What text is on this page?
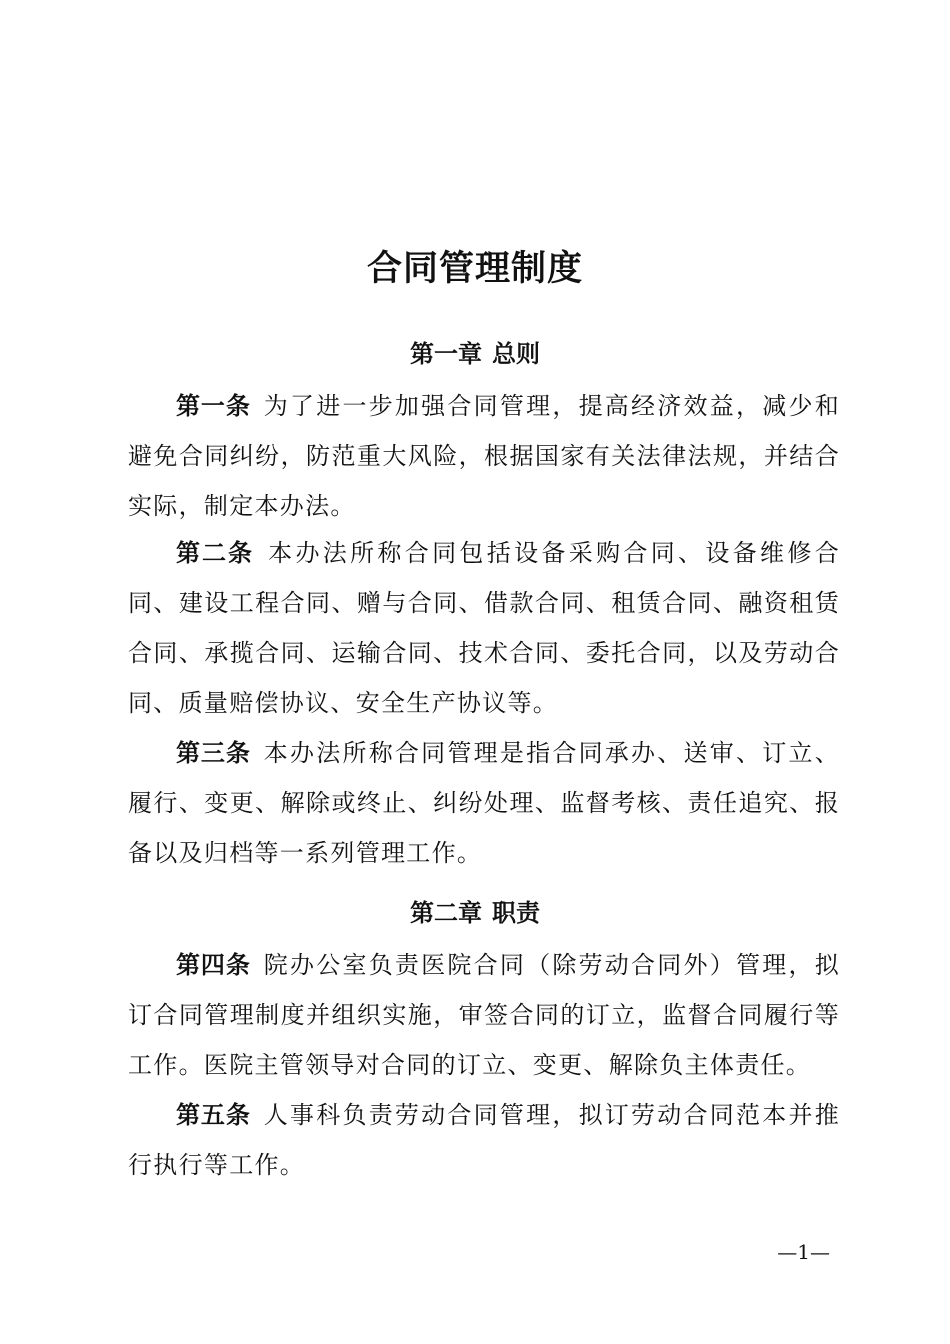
合同管理制度
第一章 总则

第一条 为了进一步加强合同管理，提高经济效益，减少和避免合同纠纷，防范重大风险，根据国家有关法律法规，并结合实际，制定本办法。

第二条 本办法所称合同包括设备采购合同、设备维修合同、建设工程合同、赠与合同、借款合同、租赁合同、融资租赁合同、承揽合同、运输合同、技术合同、委托合同，以及劳动合同、质量赔偿协议、安全生产协议等。

第三条 本办法所称合同管理是指合同承办、送审、订立、履行、变更、解除或终止、纠纷处理、监督考核、责任追究、报备以及归档等一系列管理工作。

第二章 职责

第四条 院办公室负责医院合同（除劳动合同外）管理，拟订合同管理制度并组织实施，审签合同的订立，监督合同履行等工作。医院主管领导对合同的订立、变更、解除负主体责任。

第五条 人事科负责劳动合同管理，拟订劳动合同范本并推行执行等工作。

—1—
